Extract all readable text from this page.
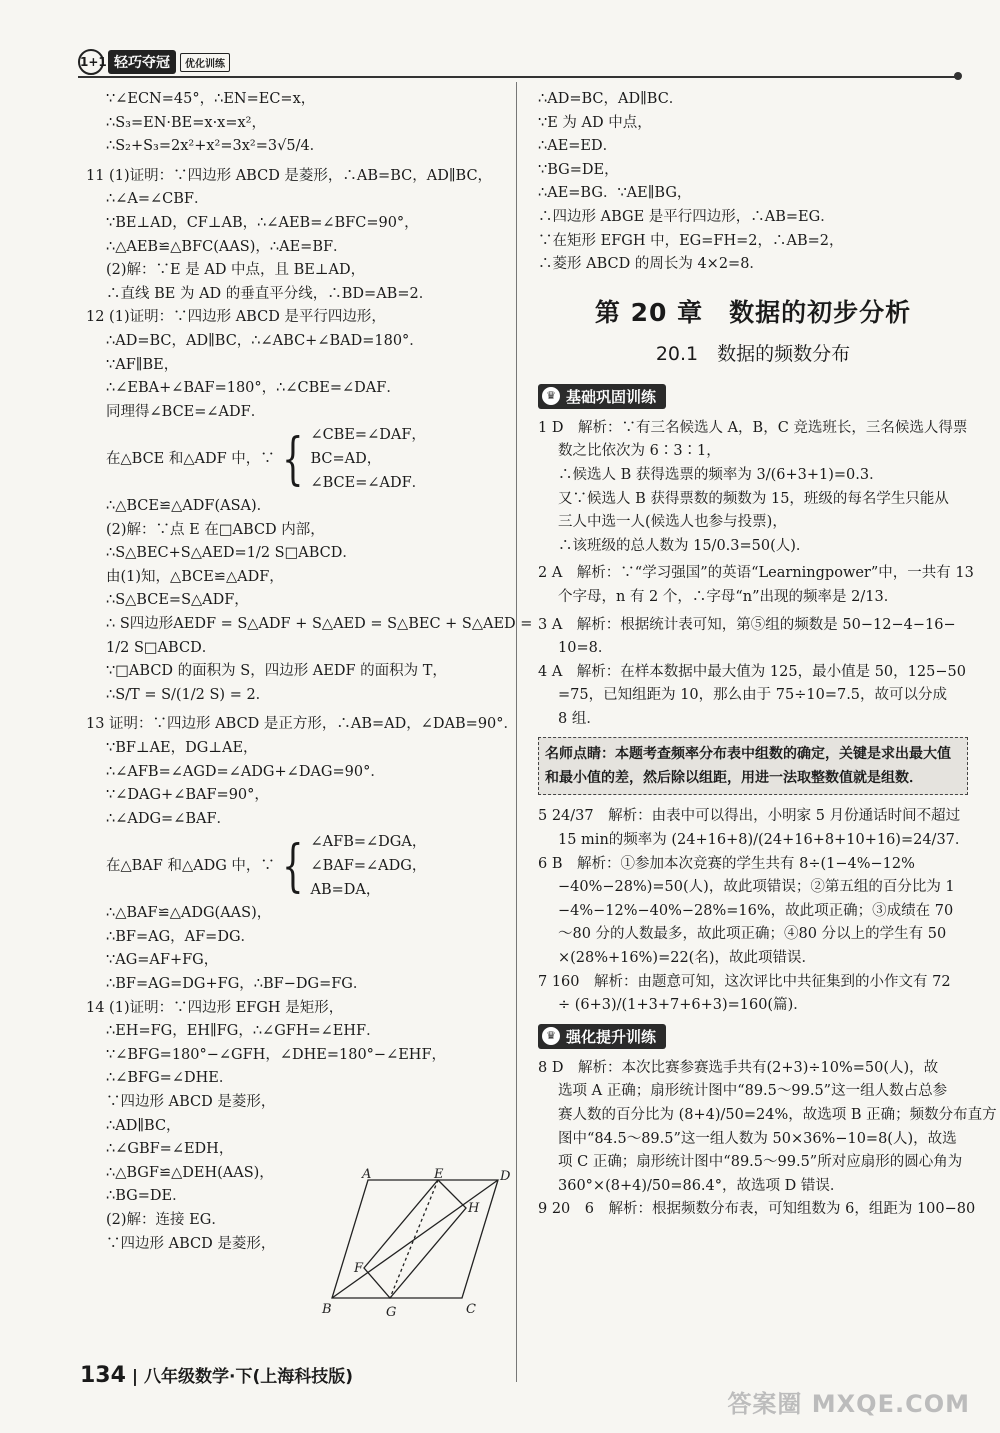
1+1 轻巧夺冠	优化训练
∵∠ECN=45°，∴EN=EC=x，
∴S₃=EN·BE=x·x=x²，
∴S₂+S₃=2x²+x²=3x²=3√5/4．
11 (1)证明：∵四边形 ABCD 是菱形，∴AB=BC，AD∥BC，
∴∠A=∠CBF．
∵BE⊥AD，CF⊥AB，∴∠AEB=∠BFC=90°，
∴△AEB≌△BFC(AAS)，∴AE=BF．
(2)解：∵E 是 AD 中点，且 BE⊥AD，
∴直线 BE 为 AD 的垂直平分线，∴BD=AB=2．
12 (1)证明：∵四边形 ABCD 是平行四边形，
∴AD=BC，AD∥BC，∴∠ABC+∠BAD=180°．
∵AF∥BE，
∴∠EBA+∠BAF=180°，∴∠CBE=∠DAF．
同理得∠BCE=∠ADF．
在△BCE 和△ADF 中，∵ { ∠CBE=∠DAF，
BC=AD，
∠BCE=∠ADF．
∴△BCE≌△ADF(ASA)．
(2)解：∵点 E 在□ABCD 内部，
∴S△BEC+S△AED=1/2 S□ABCD．
由(1)知，△BCE≌△ADF，
∴S△BCE=S△ADF，
∴ S四边形AEDF = S△ADF + S△AED = S△BEC + S△AED =
1/2 S□ABCD．
∵□ABCD 的面积为 S，四边形 AEDF 的面积为 T，
∴S/T = S/(1/2 S) = 2．
13 证明：∵四边形 ABCD 是正方形，∴AB=AD，∠DAB=90°．
∵BF⊥AE，DG⊥AE，
∴∠AFB=∠AGD=∠ADG+∠DAG=90°．
∵∠DAG+∠BAF=90°，
∴∠ADG=∠BAF．
在△BAF 和△ADG 中，∵ { ∠AFB=∠DGA，
∠BAF=∠ADG，
AB=DA，
∴△BAF≌△ADG(AAS)，
∴BF=AG，AF=DG．
∵AG=AF+FG，
∴BF=AG=DG+FG，∴BF−DG=FG．
14 (1)证明：∵四边形 EFGH 是矩形，
∴EH=FG，EH∥FG，∴∠GFH=∠EHF．
∵∠BFG=180°−∠GFH，∠DHE=180°−∠EHF，
∴∠BFG=∠DHE．
∵四边形 ABCD 是菱形，
∴AD∥BC，
∴∠GBF=∠EDH，
∴△BGF≌△DEH(AAS)，
∴BG=DE．
(2)解：连接 EG．
∵四边形 ABCD 是菱形，
A	E	D
H
F
B	G	C
∴AD=BC，AD∥BC．
∵E 为 AD 中点，
∴AE=ED．
∵BG=DE，
∴AE=BG．∵AE∥BG，
∴四边形 ABGE 是平行四边形，∴AB=EG．
∵在矩形 EFGH 中，EG=FH=2，∴AB=2，
∴菱形 ABCD 的周长为 4×2=8．
第 20 章　数据的初步分析
20.1　数据的频数分布
♛ 基础巩固训练
1 D　解析：∵有三名候选人 A，B，C 竞选班长，三名候选人得票
数之比依次为 6∶3∶1，
∴候选人 B 获得选票的频率为 3/(6+3+1)=0.3．
又∵候选人 B 获得票数的频数为 15，班级的每名学生只能从
三人中选一人(候选人也参与投票)，
∴该班级的总人数为 15/0.3=50(人)．
2 A　解析：∵“学习强国”的英语“Learningpower”中，一共有 13
个字母，n 有 2 个，∴字母“n”出现的频率是 2/13．
3 A　解析：根据统计表可知，第⑤组的频数是 50−12−4−16−
10=8．
4 A　解析：在样本数据中最大值为 125，最小值是 50，125−50
=75，已知组距为 10，那么由于 75÷10=7.5，故可以分成
8 组．
名师点睛：本题考查频率分布表中组数的确定，关键是求出最大值和最小值的差，然后除以组距，用进一法取整数值就是组数．
5 24/37　解析：由表中可以得出，小明家 5 月份通话时间不超过
15 min的频率为 (24+16+8)/(24+16+8+10+16)=24/37．
6 B　解析：①参加本次竞赛的学生共有 8÷(1−4%−12%
−40%−28%)=50(人)，故此项错误；②第五组的百分比为 1
−4%−12%−40%−28%=16%，故此项正确；③成绩在 70
～80 分的人数最多，故此项正确；④80 分以上的学生有 50
×(28%+16%)=22(名)，故此项错误．
7 160　解析：由题意可知，这次评比中共征集到的小作文有 72
÷ (6+3)/(1+3+7+6+3)=160(篇)．
♛ 强化提升训练
8 D　解析：本次比赛参赛选手共有(2+3)÷10%=50(人)，故
选项 A 正确；扇形统计图中“89.5～99.5”这一组人数占总参
赛人数的百分比为 (8+4)/50=24%，故选项 B 正确；频数分布直方
图中“84.5～89.5”这一组人数为 50×36%−10=8(人)，故选
项 C 正确；扇形统计图中“89.5～99.5”所对应扇形的圆心角为
360°×(8+4)/50=86.4°，故选项 D 错误．
9 20　6　解析：根据频数分布表，可知组数为 6，组距为 100−80
134 | 八年级数学·下(上海科技版)
答案圈 MXQE.COM
